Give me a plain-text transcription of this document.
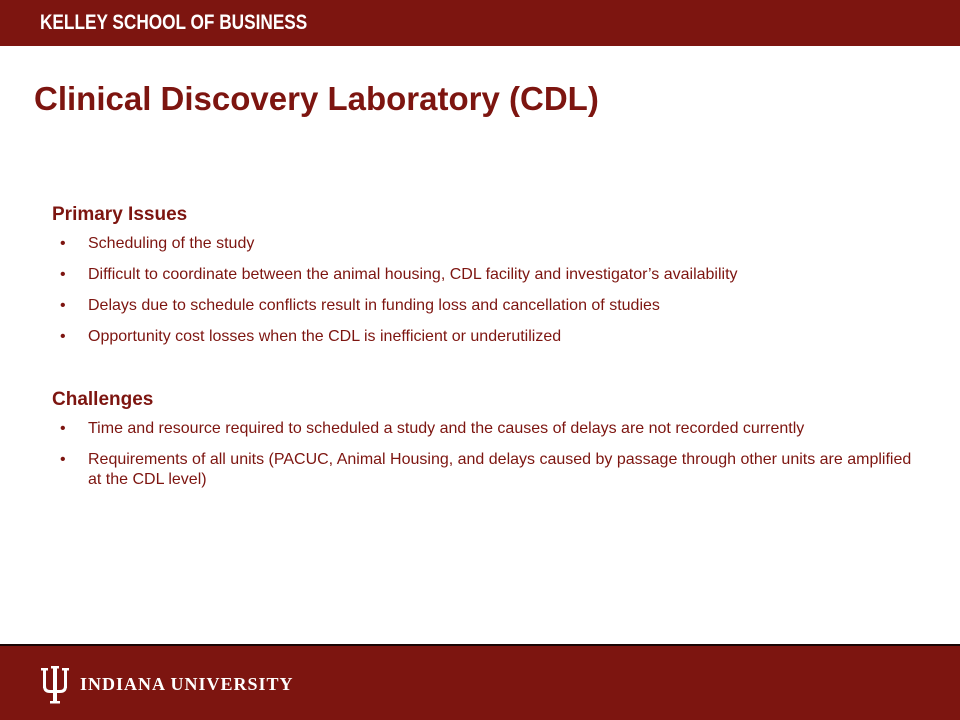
KELLEY SCHOOL OF BUSINESS
Clinical Discovery Laboratory (CDL)
Primary Issues
• Scheduling of the study
• Difficult to coordinate between the animal housing, CDL facility and investigator’s availability
• Delays due to schedule conflicts result in funding loss and cancellation of studies
• Opportunity cost losses when the CDL is inefficient or underutilized
Challenges
• Time and resource required to scheduled a study and the causes of delays are not recorded currently
• Requirements of all units (PACUC, Animal Housing, and delays caused by passage through other units are amplified at the CDL level)
INDIANA UNIVERSITY
